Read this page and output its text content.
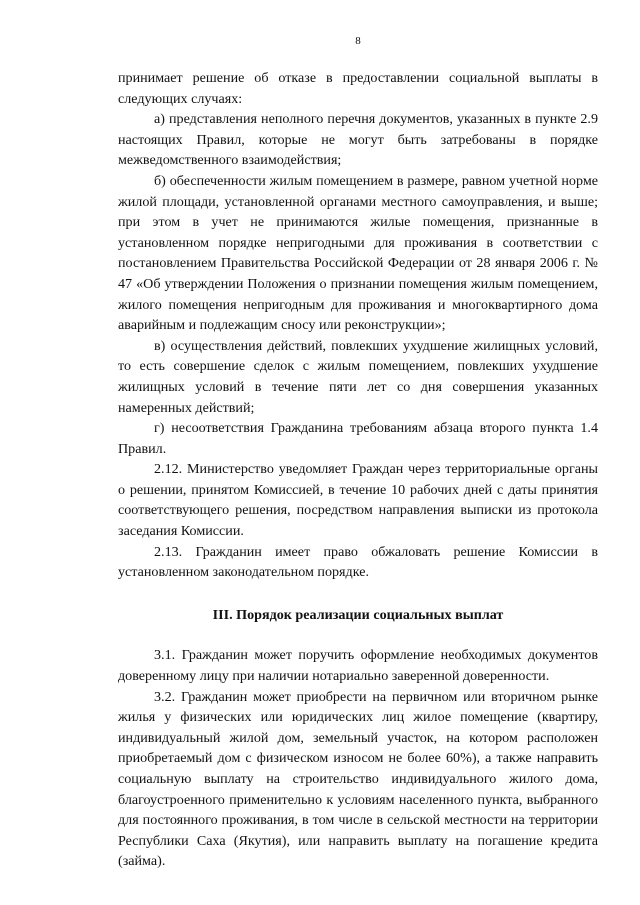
8

принимает решение об отказе в предоставлении социальной выплаты в следующих случаях:

а) представления неполного перечня документов, указанных в пункте 2.9 настоящих Правил, которые не могут быть затребованы в порядке межведомственного взаимодействия;

б) обеспеченности жилым помещением в размере, равном учетной норме жилой площади, установленной органами местного самоуправления, и выше; при этом в учет не принимаются жилые помещения, признанные в установленном порядке непригодными для проживания в соответствии с постановлением Правительства Российской Федерации от 28 января 2006 г. № 47 «Об утверждении Положения о признании помещения жилым помещением, жилого помещения непригодным для проживания и многоквартирного дома аварийным и подлежащим сносу или реконструкции»;

в) осуществления действий, повлекших ухудшение жилищных условий, то есть совершение сделок с жилым помещением, повлекших ухудшение жилищных условий в течение пяти лет со дня совершения указанных намеренных действий;

г) несоответствия Гражданина требованиям абзаца второго пункта 1.4 Правил.

2.12. Министерство уведомляет Граждан через территориальные органы о решении, принятом Комиссией, в течение 10 рабочих дней с даты принятия соответствующего решения, посредством направления выписки из протокола заседания Комиссии.

2.13. Гражданин имеет право обжаловать решение Комиссии в установленном законодательном порядке.

III. Порядок реализации социальных выплат

3.1. Гражданин может поручить оформление необходимых документов доверенному лицу при наличии нотариально заверенной доверенности.

3.2. Гражданин может приобрести на первичном или вторичном рынке жилья у физических или юридических лиц жилое помещение (квартиру, индивидуальный жилой дом, земельный участок, на котором расположен приобретаемый дом с физическом износом не более 60%), а также направить социальную выплату на строительство индивидуального жилого дома, благоустроенного применительно к условиям населенного пункта, выбранного для постоянного проживания, в том числе в сельской местности на территории Республики Саха (Якутия), или направить выплату на погашение кредита (займа).
